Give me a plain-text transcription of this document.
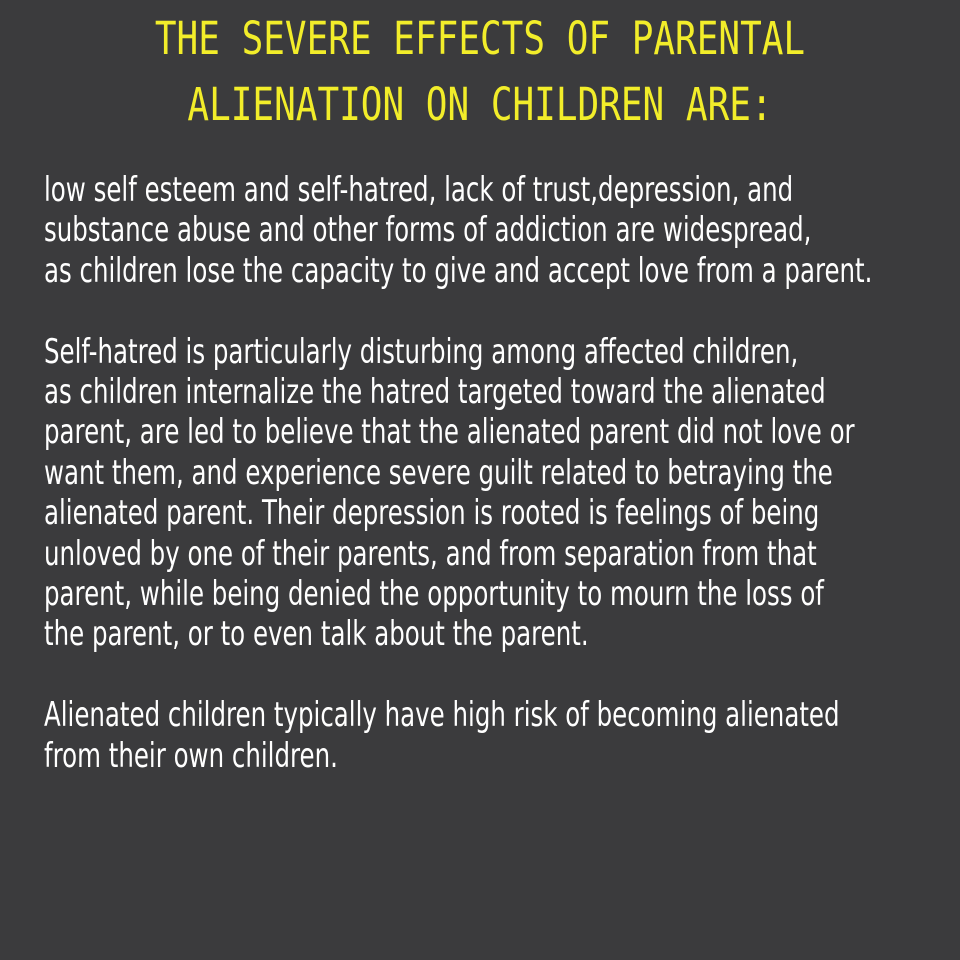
THE SEVERE EFFECTS OF PARENTAL
ALIENATION ON CHILDREN ARE:
low self esteem and self-hatred, lack of trust,depression, and
substance abuse and other forms of addiction are widespread,
as children lose the capacity to give and accept love from a parent.
Self-hatred is particularly disturbing among affected children,
as children internalize the hatred targeted toward the alienated
parent, are led to believe that the alienated parent did not love or
want them, and experience severe guilt related to betraying the
alienated parent. Their depression is rooted is feelings of being
unloved by one of their parents, and from separation from that
parent, while being denied the opportunity to mourn the loss of
the parent, or to even talk about the parent.
Alienated children typically have high risk of becoming alienated
from their own children.
